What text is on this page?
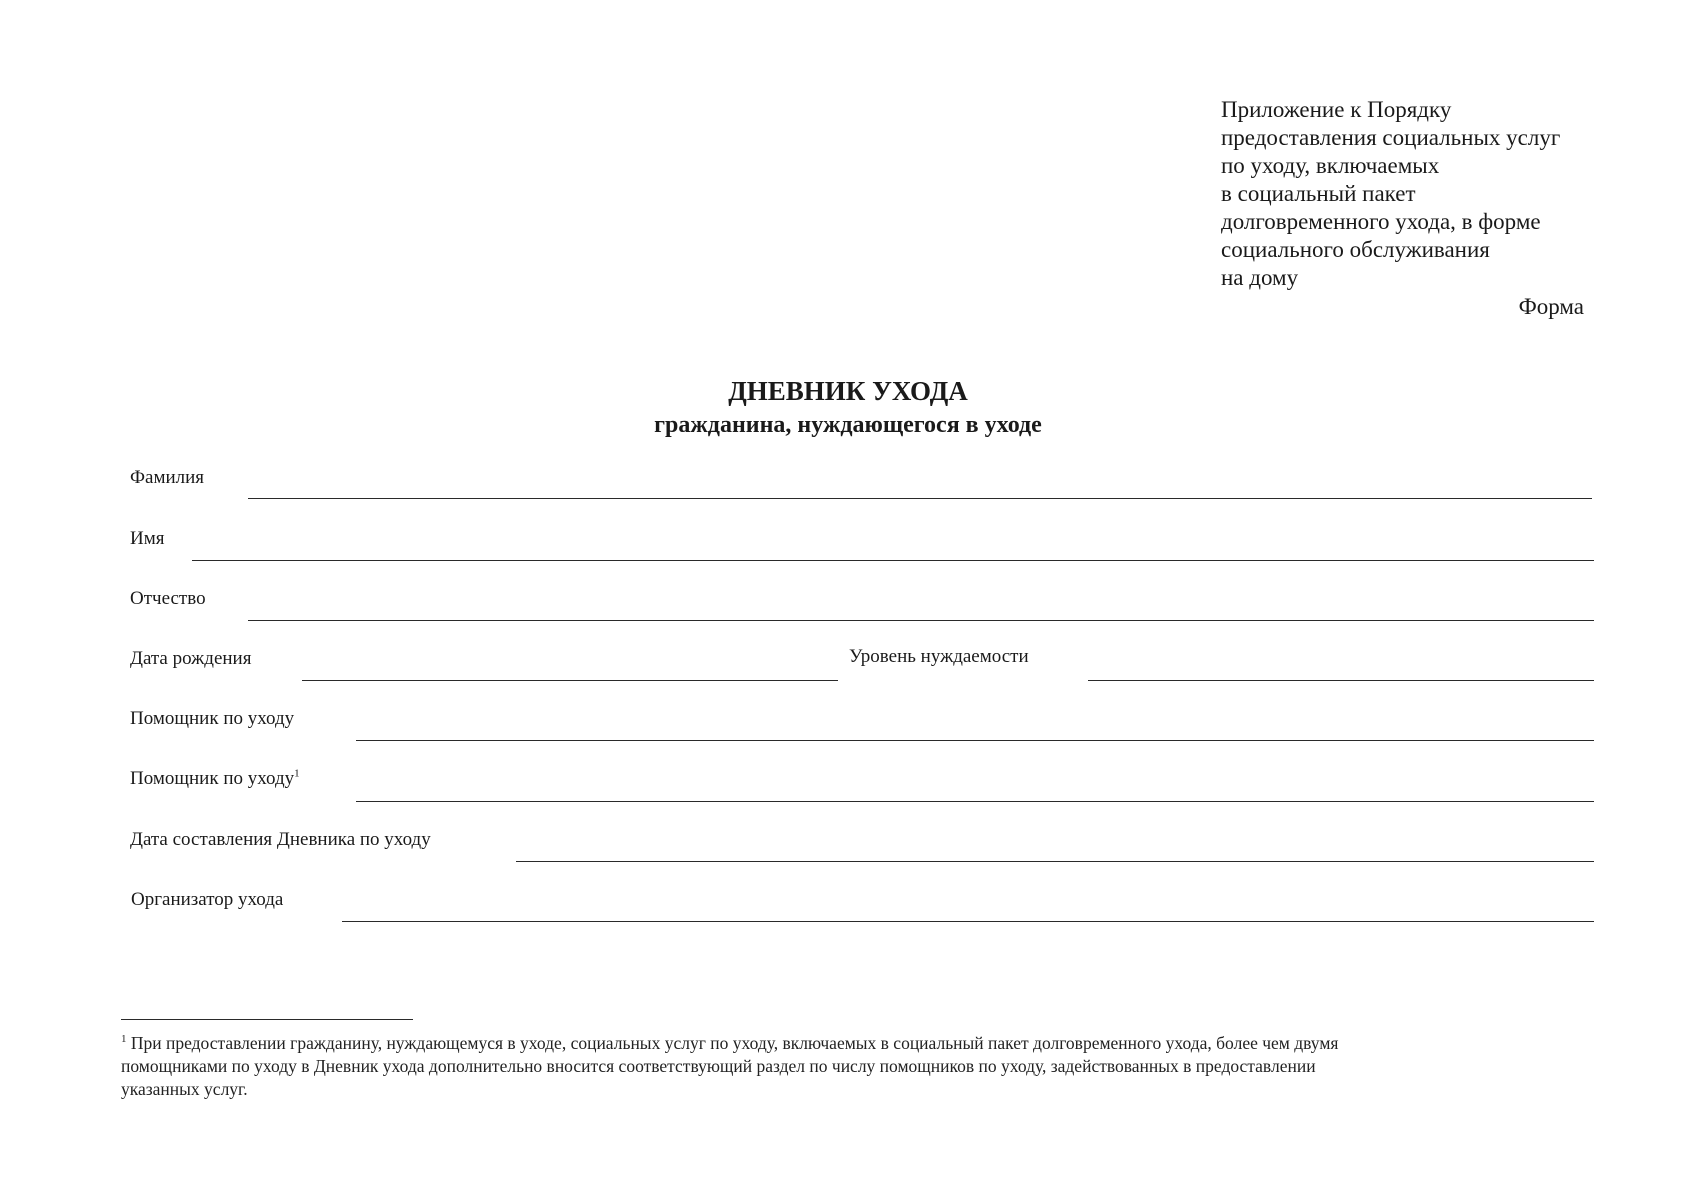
Приложение к Порядку
предоставления социальных услуг
по уходу, включаемых
в социальный пакет
долговременного ухода, в форме
социального обслуживания
на дому
Форма
ДНЕВНИК УХОДА
гражданина, нуждающегося в уходе
Фамилия
Имя
Отчество
Дата рождения	Уровень нуждаемости
Помощник по уходу
Помощник по уходу$^1$
Дата составления Дневника по уходу
Организатор ухода
$^1$ При предоставлении гражданину, нуждающемуся в уходе, социальных услуг по уходу, включаемых в социальный пакет долговременного ухода, более чем двумя
помощниками по уходу в Дневник ухода дополнительно вносится соответствующий раздел по числу помощников по уходу, задействованных в предоставлении
указанных услуг.
